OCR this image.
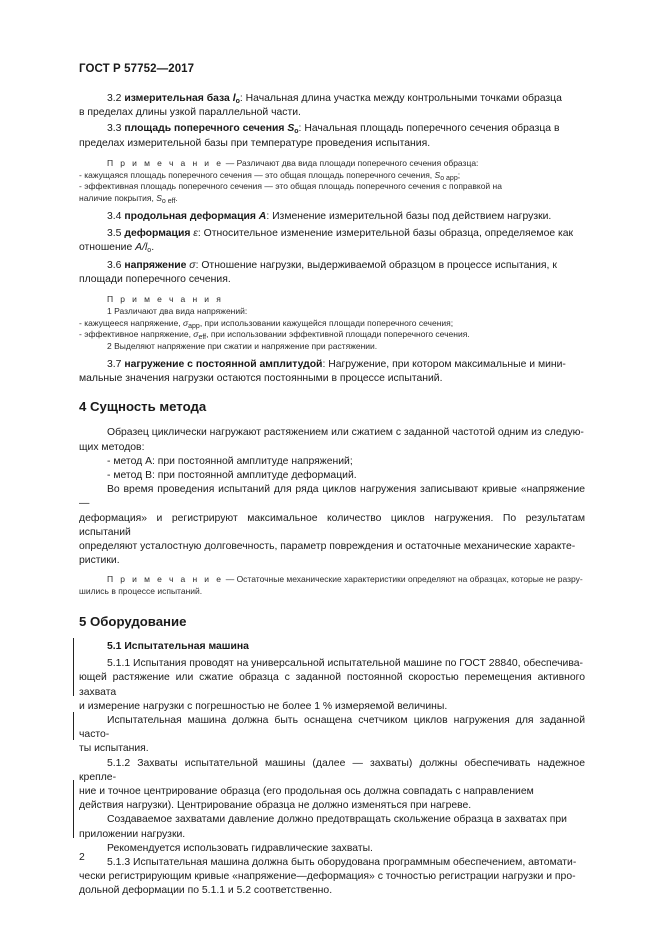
ГОСТ Р 57752—2017

3.2 измерительная база $l_о$: Начальная длина участка между контрольными точками образца

в пределах длины узкой параллельной части.

3.3 площадь поперечного сечения $S_о$: Начальная площадь поперечного сечения образца в

пределах измерительной базы при температуре проведения испытания.

П р и м е ч а н и е — Различают два вида площади поперечного сечения образца:

- кажущаяся площадь поперечного сечения — это общая площадь поперечного сечения, $S_{o app}$;

- эффективная площадь поперечного сечения — это общая площадь поперечного сечения с поправкой на

наличие покрытия, $S_{o eff}$.

3.4 продольная деформация A: Изменение измерительной базы под действием нагрузки.

3.5 деформация ε: Относительное изменение измерительной базы образца, определяемое как

отношение $A/l_o$.

3.6 напряжение σ: Отношение нагрузки, выдерживаемой образцом в процессе испытания, к

площади поперечного сечения.

П р и м е ч а н и я

1 Различают два вида напряжений:

- кажущееся напряжение, $\sigma_{app}$, при использовании кажущейся площади поперечного сечения;

- эффективное напряжение, $\sigma_{eff}$, при использовании эффективной площади поперечного сечения.

2 Выделяют напряжение при сжатии и напряжение при растяжении.

3.7 нагружение с постоянной амплитудой: Нагружение, при котором максимальные и мини-

мальные значения нагрузки остаются постоянными в процессе испытаний.

4 Сущность метода

Образец циклически нагружают растяжением или сжатием с заданной частотой одним из следую-

щих методов:

- метод А: при постоянной амплитуде напряжений;

- метод В: при постоянной амплитуде деформаций.

Во время проведения испытаний для ряда циклов нагружения записывают кривые «напряжение—

деформация» и регистрируют максимальное количество циклов нагружения. По результатам испытаний

определяют усталостную долговечность, параметр повреждения и остаточные механические характе-

ристики.

П р и м е ч а н и е — Остаточные механические характеристики определяют на образцах, которые не разру-

шились в процессе испытаний.

5 Оборудование

5.1 Испытательная машина

5.1.1 Испытания проводят на универсальной испытательной машине по ГОСТ 28840, обеспечива-

ющей растяжение или сжатие образца с заданной постоянной скоростью перемещения активного захвата

и измерение нагрузки с погрешностью не более 1 % измеряемой величины.

Испытательная машина должна быть оснащена счетчиком циклов нагружения для заданной часто-

ты испытания.

5.1.2 Захваты испытательной машины (далее — захваты) должны обеспечивать надежное крепле-

ние и точное центрирование образца (его продольная ось должна совпадать с направлением

действия нагрузки). Центрирование образца не должно изменяться при нагреве.

Создаваемое захватами давление должно предотвращать скольжение образца в захватах при

приложении нагрузки.

Рекомендуется использовать гидравлические захваты.

5.1.3 Испытательная машина должна быть оборудована программным обеспечением, автомати-

чески регистрирующим кривые «напряжение—деформация» с точностью регистрации нагрузки и про-

дольной деформации по 5.1.1 и 5.2 соответственно.

2
